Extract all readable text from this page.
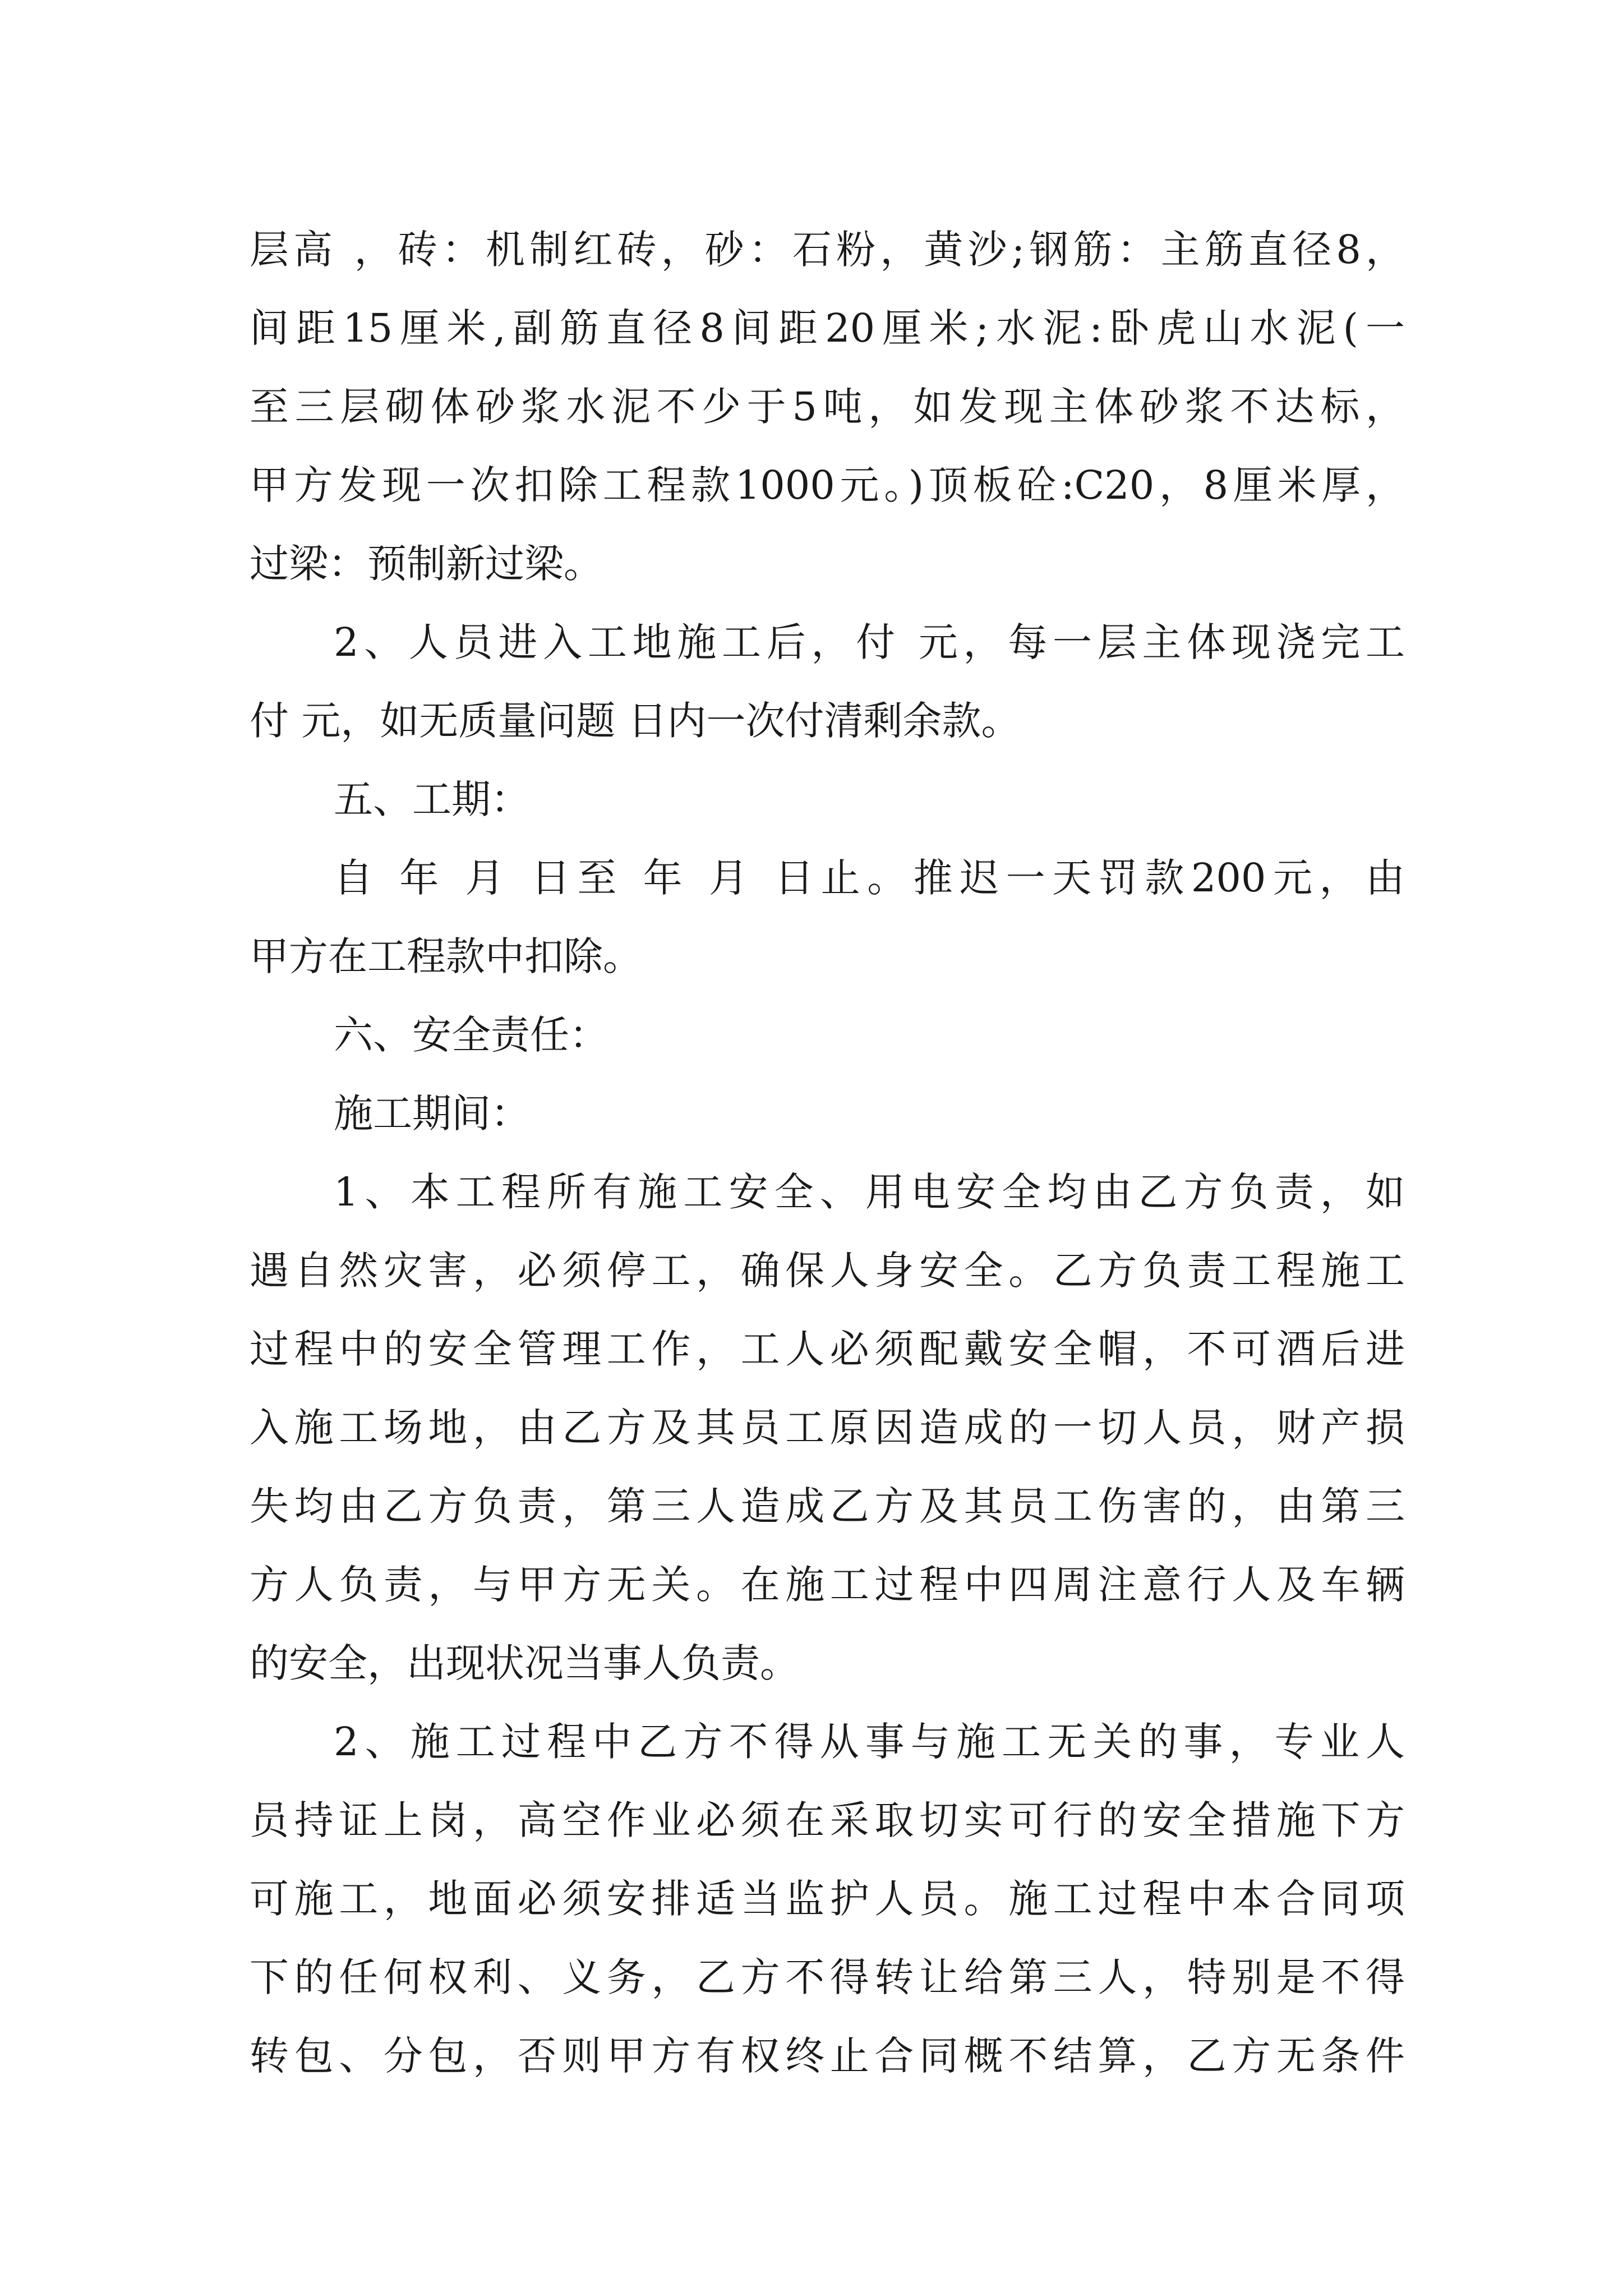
层高 ，砖：机制红砖，砂：石粉，黄沙;钢筋：主筋直径8，
间距15厘米,副筋直径8间距20厘米;水泥:卧虎山水泥(一
至三层砌体砂浆水泥不少于5吨，如发现主体砂浆不达标，
甲方发现一次扣除工程款1000元。)顶板砼:C20，8厘米厚，
过梁：预制新过梁。
2、人员进入工地施工后，付 元，每一层主体现浇完工
付 元，如无质量问题 日内一次付清剩余款。
五、工期：
自 年 月 日至 年 月 日止。推迟一天罚款200元，由
甲方在工程款中扣除。
六、安全责任：
施工期间：
1、本工程所有施工安全、用电安全均由乙方负责，如
遇自然灾害，必须停工，确保人身安全。乙方负责工程施工
过程中的安全管理工作，工人必须配戴安全帽，不可酒后进
入施工场地，由乙方及其员工原因造成的一切人员，财产损
失均由乙方负责，第三人造成乙方及其员工伤害的，由第三
方人负责，与甲方无关。在施工过程中四周注意行人及车辆
的安全，出现状况当事人负责。
2、施工过程中乙方不得从事与施工无关的事，专业人
员持证上岗，高空作业必须在采取切实可行的安全措施下方
可施工，地面必须安排适当监护人员。施工过程中本合同项
下的任何权利、义务，乙方不得转让给第三人，特别是不得
转包、分包，否则甲方有权终止合同概不结算，乙方无条件
